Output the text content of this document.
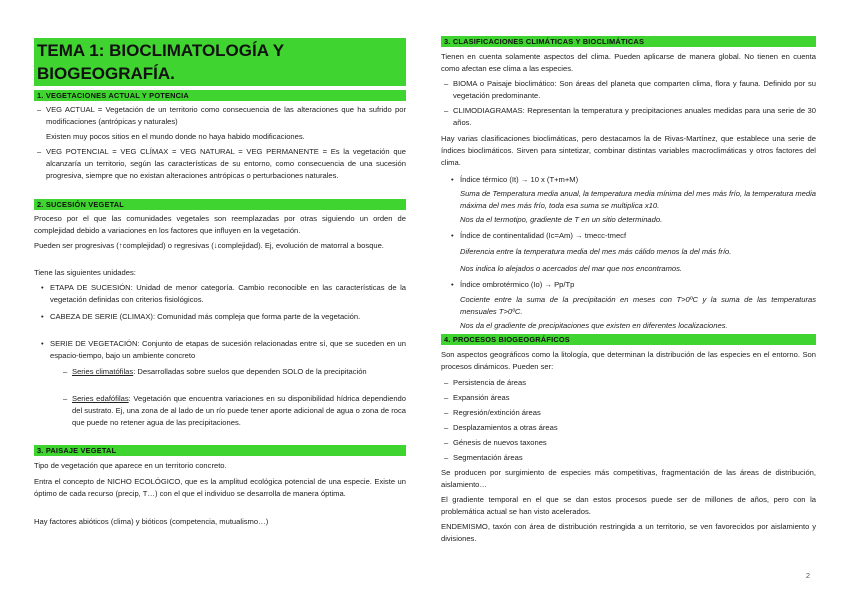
TEMA 1: BIOCLIMATOLOGÍA Y BIOGEOGRAFÍA.
1. VEGETACIONES ACTUAL Y POTENCIA

– VEG ACTUAL = Vegetación de un territorio como consecuencia de las alteraciones que ha sufrido por modificaciones (antrópicas y naturales)

Existen muy pocos sitios en el mundo donde no haya habido modificaciones.

– VEG POTENCIAL = VEG CLÍMAX = VEG NATURAL = VEG PERMANENTE = Es la vegetación que alcanzaría un territorio, según las características de su entorno, como consecuencia de una sucesión progresiva, siempre que no existan alteraciones antrópicas o perturbaciones naturales.

2. SUCESIÓN VEGETAL

Proceso por el que las comunidades vegetales son reemplazadas por otras siguiendo un orden de complejidad debido a variaciones en los factores que influyen en la vegetación.

Pueden ser progresivas (↑complejidad) o regresivas (↓complejidad). Ej, evolución de matorral a bosque.

Tiene las siguientes unidades:

• ETAPA DE SUCESIÓN: Unidad de menor categoría. Cambio reconocible en las características de la vegetación definidas con criterios fisiológicos.

• CABEZA DE SERIE (CLIMAX): Comunidad más compleja que forma parte de la vegetación.

• SERIE DE VEGETACIÓN: Conjunto de etapas de sucesión relacionadas entre sí, que se suceden en un espacio-tiempo, bajo un ambiente concreto

– Series climatófilas: Desarrolladas sobre suelos que dependen SOLO de la precipitación

– Series edafófilas: Vegetación que encuentra variaciones en su disponibilidad hídrica dependiendo del sustrato. Ej, una zona de al lado de un río puede tener aporte adicional de agua o zona de roca que puede no retener agua de las precipitaciones.

3. PAISAJE VEGETAL

Tipo de vegetación que aparece en un territorio concreto.

Entra el concepto de NICHO ECOLÓGICO, que es la amplitud ecológica potencial de una especie. Existe un óptimo de cada recurso (precip, T…) con el que el individuo se desarrolla de manera óptima.

Hay factores abióticos (clima) y bióticos (competencia, mutualismo…)

3. CLASIFICACIONES CLIMÁTICAS Y BIOCLIMÁTICAS

Tienen en cuenta solamente aspectos del clima. Pueden aplicarse de manera global. No tienen en cuenta como afectan ese clima a las especies.

– BIOMA o Paisaje bioclimático: Son áreas del planeta que comparten clima, flora y fauna. Definido por su vegetación predominante.

– CLIMODIAGRAMAS: Representan la temperatura y precipitaciones anuales medidas para una serie de 30 años.

Hay varias clasificaciones bioclimáticas, pero destacamos la de Rivas-Martínez, que establece una serie de índices bioclimáticos. Sirven para sintetizar, combinar distintas variables macroclimáticas y otros factores del clima.

• Índice térmico (It) → 10 x (T+m+M)

Suma de Temperatura media anual, la temperatura media mínima del mes más frío, la temperatura media máxima del mes más frío, toda esa suma se multiplica x10.

Nos da el termotipo, gradiente de T en un sitio determinado.

• Índice de continentalidad (Ic=Am) → tmecc-tmecf

Diferencia entre la temperatura media del mes más cálido menos la del más frío.

Nos indica lo alejados o acercados del mar que nos encontramos.

• Índice ombrotérmico (Io) → Pp/Tp

Cociente entre la suma de la precipitación en meses con T>0ºC y la suma de las temperaturas mensuales T>0ºC.

Nos da el gradiente de precipitaciones que existen en diferentes localizaciones.

4. PROCESOS BIOGEOGRÁFICOS

Son aspectos geográficos como la litología, que determinan la distribución de las especies en el entorno. Son procesos dinámicos. Pueden ser:

– Persistencia de áreas

– Expansión áreas

– Regresión/extinción áreas

– Desplazamientos a otras áreas

– Génesis de nuevos taxones

– Segmentación áreas

Se producen por surgimiento de especies más competitivas, fragmentación de las áreas de distribución, aislamiento…

El gradiente temporal en el que se dan estos procesos puede ser de millones de años, pero con la problemática actual se han visto acelerados.

ENDEMISMO, taxón con área de distribución restringida a un territorio, se ven favorecidos por aislamiento y divisiones.

2
